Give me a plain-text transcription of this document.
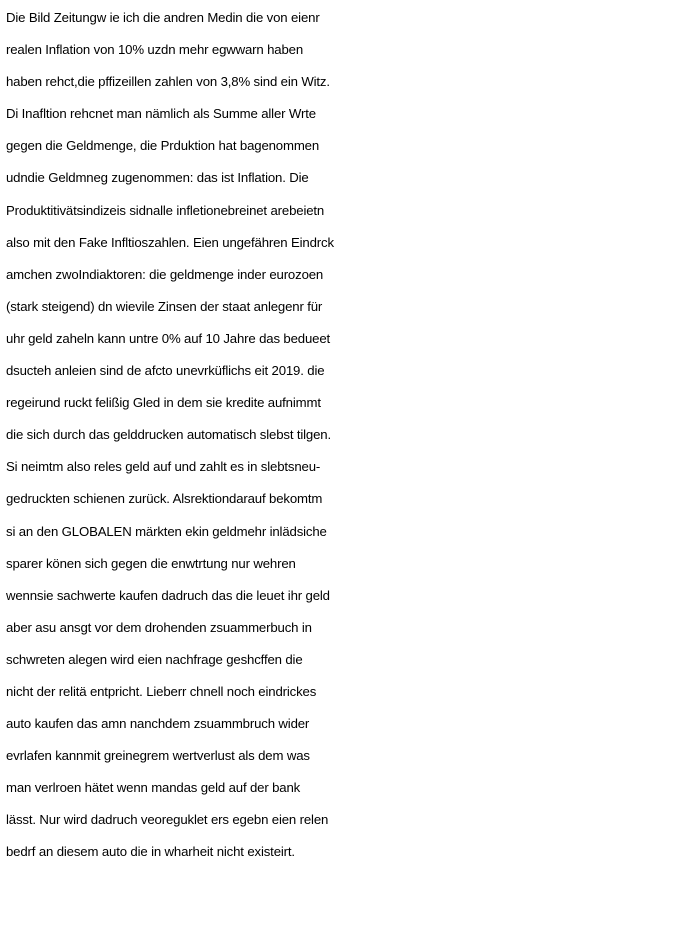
Die Bild Zeitungw ie ich die andren Medin die von eienr
realen Inflation von 10% uzdn mehr egwwarn haben
haben rehct,die pffizeillen zahlen von 3,8% sind ein Witz.
Di Inafltion rehcnet man nämlich als Summe aller Wrte
gegen die Geldmenge, die Prduktion hat bagenommen
udndie Geldmneg zugenommen: das ist Inflation. Die
Produktitivätsindizeis sidnalle infletionebreinet arebeietn
also mit den Fake Infltioszahlen. Eien ungefähren Eindrck
amchen zwoIndiaktoren: die geldmenge inder eurozoen
(stark steigend) dn wievile Zinsen der staat anlegenr für
uhr geld zaheln kann untre 0% auf 10 Jahre das bedueet
dsucteh anleien sind de afcto unevrküflichs eit 2019. die
regeirund ruckt felißig Gled in dem sie kredite aufnimmt
die sich durch das gelddrucken automatisch slebst tilgen.
Si neimtm also reles geld auf und zahlt es in slebtsneu-
gedruckten schienen zurück. Alsrektiondarauf bekomtm
si an den GLOBALEN märkten ekin geldmehr inlädsiche
sparer kӧnen sich gegen die enwtrtung nur wehren
wennsie sachwerte kaufen dadruch das die leuet ihr geld
aber asu ansgt vor dem drohenden zsuammerbuch in
schwreten alegen wird eien nachfrage geshcffen die
nicht der relitä entpricht. Lieberr chnell noch eindrickes
auto kaufen das amn nanchdem zsuammbruch wider
evrlafen kannmit greinegrem wertverlust als dem was
man verlroen hätet wenn mandas geld auf der bank
lässt. Nur wird dadruch veoreguklet ers egebn eien relen
bedrf an diesem auto die in wharheit nicht existeirt.
